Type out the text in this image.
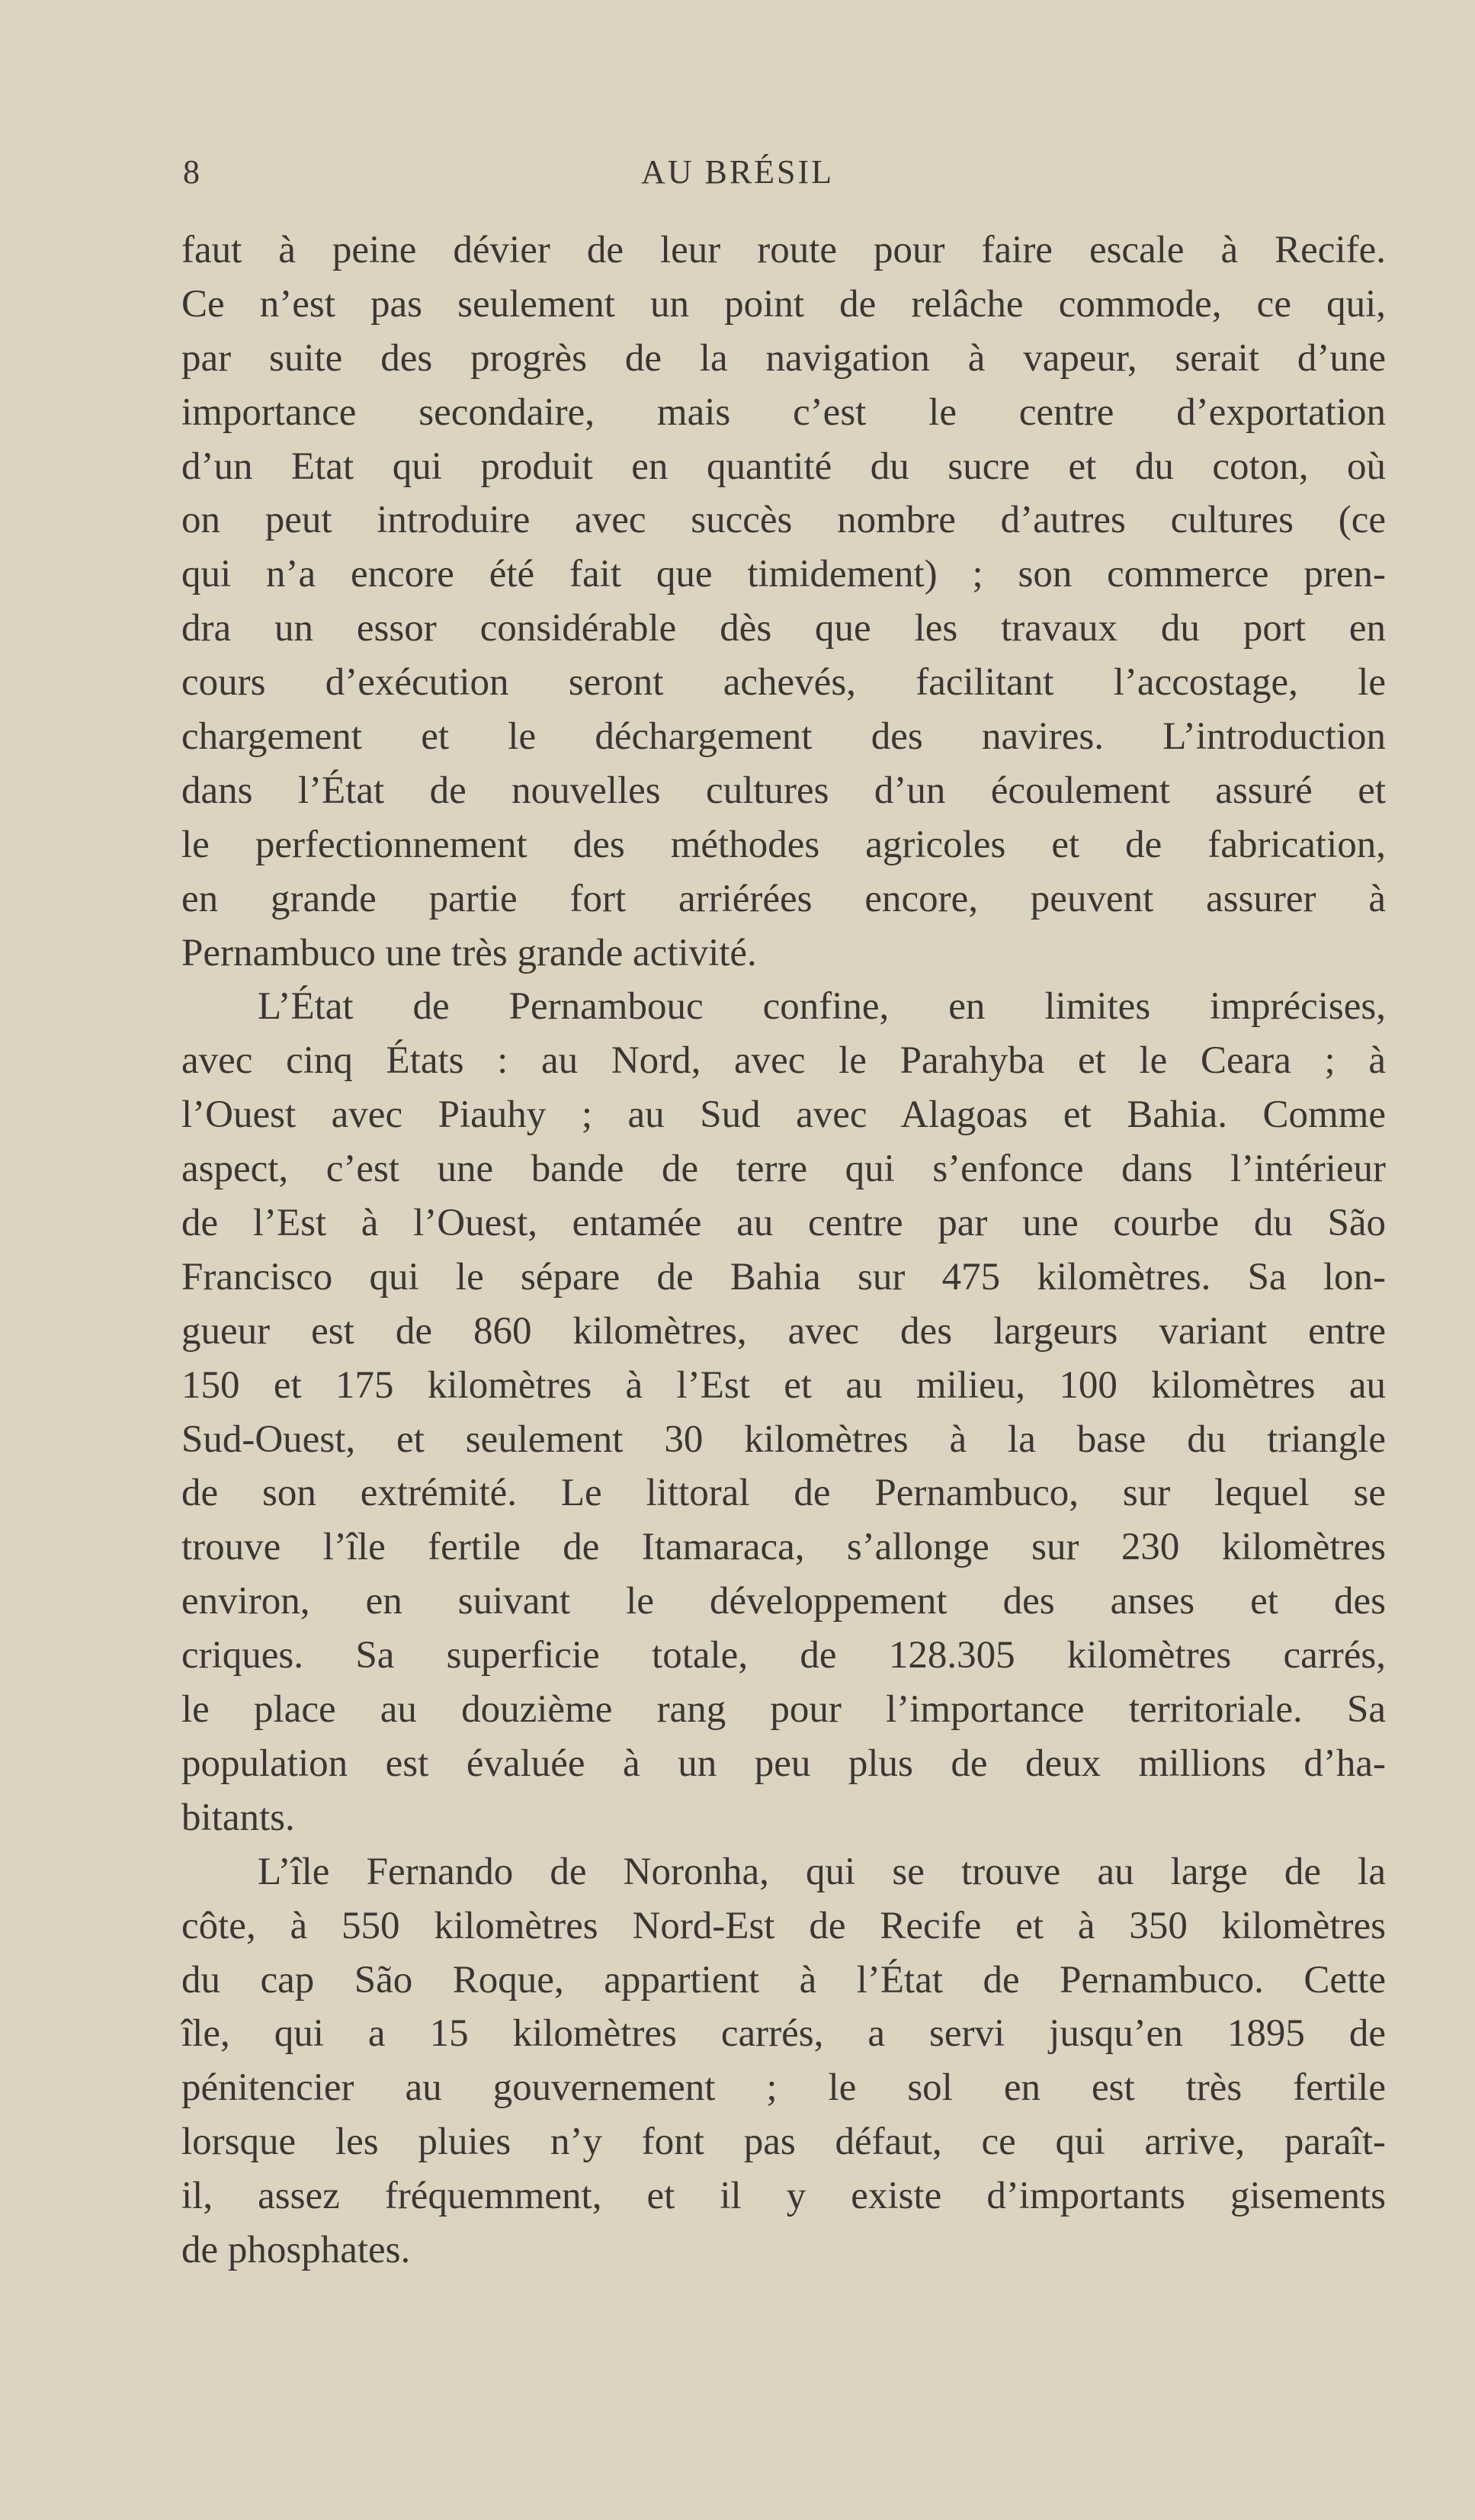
8	AU BRÉSIL
faut à peine dévier de leur route pour faire escale à Recife.
Ce n’est pas seulement un point de relâche commode, ce qui,
par suite des progrès de la navigation à vapeur, serait d’une
importance secondaire, mais c’est le centre d’exportation
d’un Etat qui produit en quantité du sucre et du coton, où
on peut introduire avec succès nombre d’autres cultures (ce
qui n’a encore été fait que timidement) ; son commerce pren-
dra un essor considérable dès que les travaux du port en
cours d’exécution seront achevés, facilitant l’accostage, le
chargement et le déchargement des navires. L’introduction
dans l’État de nouvelles cultures d’un écoulement assuré et
le perfectionnement des méthodes agricoles et de fabrication,
en grande partie fort arriérées encore, peuvent assurer à
Pernambuco une très grande activité.
L’État de Pernambouc confine, en limites imprécises,
avec cinq États : au Nord, avec le Parahyba et le Ceara ; à
l’Ouest avec Piauhy ; au Sud avec Alagoas et Bahia. Comme
aspect, c’est une bande de terre qui s’enfonce dans l’intérieur
de l’Est à l’Ouest, entamée au centre par une courbe du São
Francisco qui le sépare de Bahia sur 475 kilomètres. Sa lon-
gueur est de 860 kilomètres, avec des largeurs variant entre
150 et 175 kilomètres à l’Est et au milieu, 100 kilomètres au
Sud-Ouest, et seulement 30 kilomètres à la base du triangle
de son extrémité. Le littoral de Pernambuco, sur lequel se
trouve l’île fertile de Itamaraca, s’allonge sur 230 kilomètres
environ, en suivant le développement des anses et des
criques. Sa superficie totale, de 128.305 kilomètres carrés,
le place au douzième rang pour l’importance territoriale. Sa
population est évaluée à un peu plus de deux millions d’ha-
bitants.
L’île Fernando de Noronha, qui se trouve au large de la
côte, à 550 kilomètres Nord-Est de Recife et à 350 kilomètres
du cap São Roque, appartient à l’État de Pernambuco. Cette
île, qui a 15 kilomètres carrés, a servi jusqu’en 1895 de
pénitencier au gouvernement ; le sol en est très fertile
lorsque les pluies n’y font pas défaut, ce qui arrive, paraît-
il, assez fréquemment, et il y existe d’importants gisements
de phosphates.
